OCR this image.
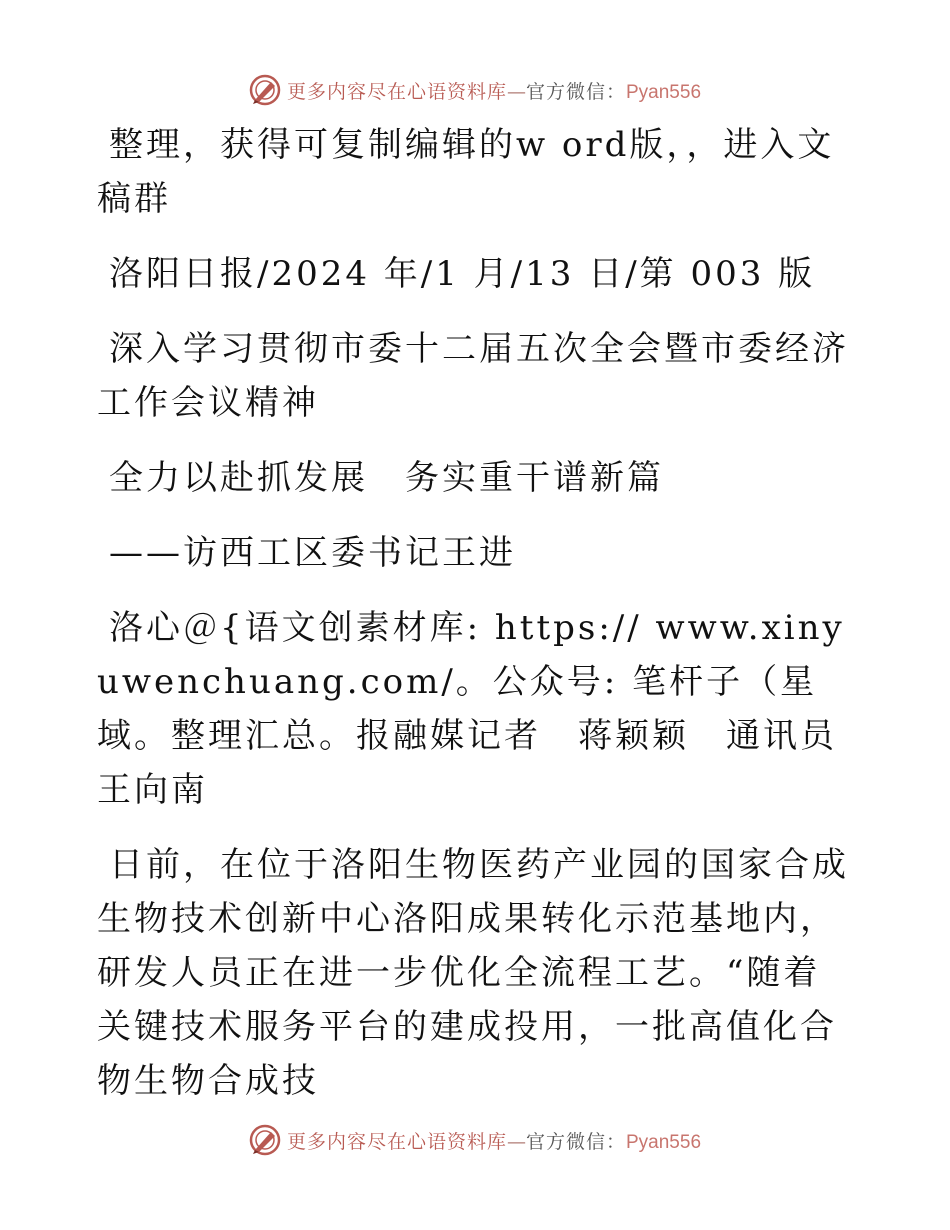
更多内容尽在心语资料库—官方微信：Pyan556

整理，获得可复制编辑的w ord版，，进入文稿群

洛阳日报/2024 年/1 月/13 日/第 003 版

深入学习贯彻市委十二届五次全会暨市委经济工作会议精神

全力以赴抓发展　务实重干谱新篇

——访西工区委书记王进

洛心＠{语文创素材库: https:// www.xinyuwenchuang.com/。公众号: 笔杆子（星域。整理汇总。报融媒记者　蒋颖颖　通讯员　王向南

日前，在位于洛阳生物医药产业园的国家合成生物技术创新中心洛阳成果转化示范基地内，研发人员正在进一步优化全流程工艺。“随着关键技术服务平台的建成投用，一批高值化合物生物合成技

更多内容尽在心语资料库—官方微信：Pyan556
